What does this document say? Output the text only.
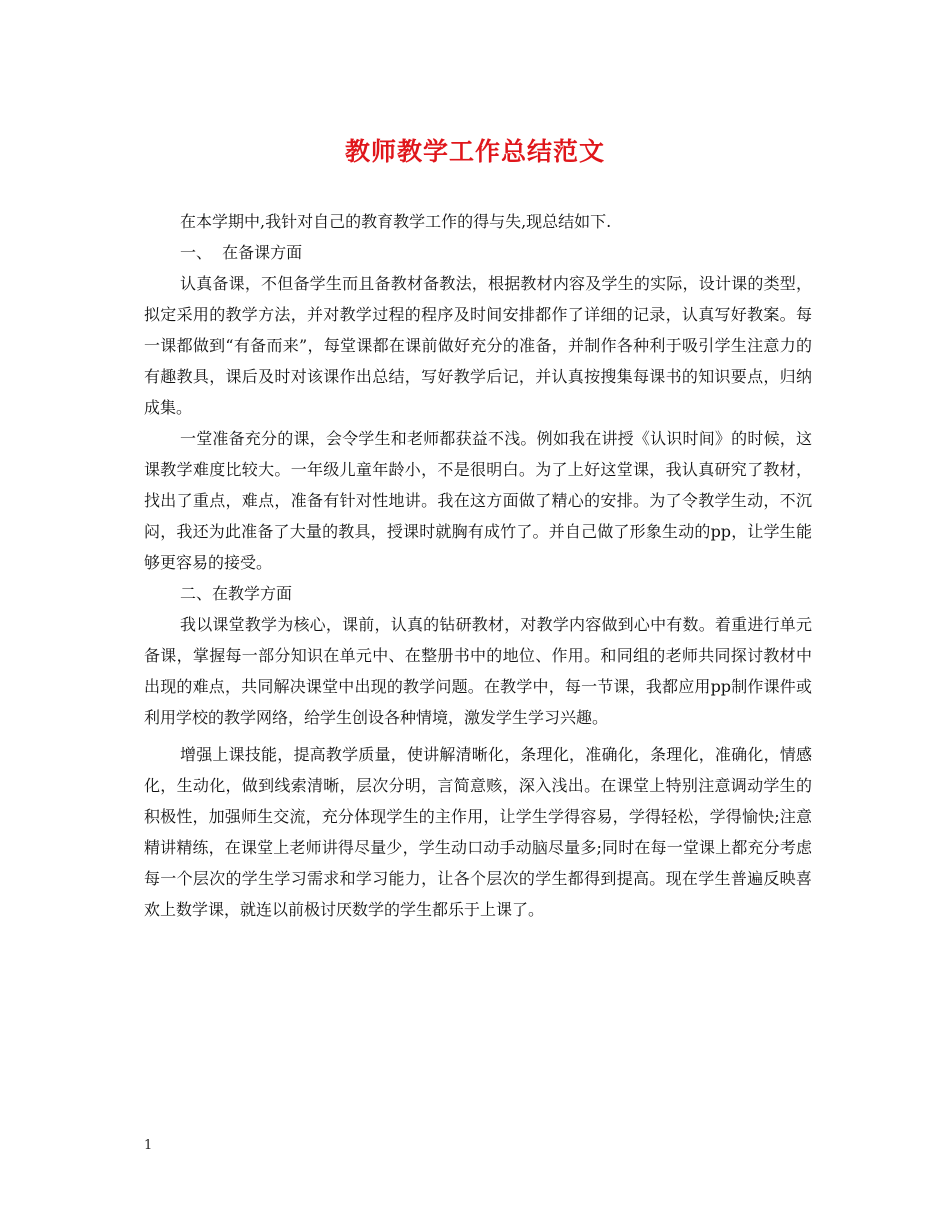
教师教学工作总结范文

在本学期中,我针对自己的教育教学工作的得与失,现总结如下.

一、  在备课方面

认真备课，不但备学生而且备教材备教法，根据教材内容及学生的实际，设计课的类型，拟定采用的教学方法，并对教学过程的程序及时间安排都作了详细的记录，认真写好教案。每一课都做到“有备而来”，每堂课都在课前做好充分的准备，并制作各种利于吸引学生注意力的有趣教具，课后及时对该课作出总结，写好教学后记，并认真按搜集每课书的知识要点，归纳成集。

一堂准备充分的课，会令学生和老师都获益不浅。例如我在讲授《认识时间》的时候，这课教学难度比较大。一年级儿童年龄小，不是很明白。为了上好这堂课，我认真研究了教材，找出了重点，难点，准备有针对性地讲。我在这方面做了精心的安排。为了令教学生动，不沉闷，我还为此准备了大量的教具，授课时就胸有成竹了。并自己做了形象生动的pp，让学生能够更容易的接受。

二、在教学方面

我以课堂教学为核心，课前，认真的钻研教材，对教学内容做到心中有数。着重进行单元备课，掌握每一部分知识在单元中、在整册书中的地位、作用。和同组的老师共同探讨教材中出现的难点，共同解决课堂中出现的教学问题。在教学中，每一节课，我都应用pp制作课件或利用学校的教学网络，给学生创设各种情境，激发学生学习兴趣。

增强上课技能，提高教学质量，使讲解清晰化，条理化，准确化，条理化，准确化，情感化，生动化，做到线索清晰，层次分明，言简意赅，深入浅出。在课堂上特别注意调动学生的积极性，加强师生交流，充分体现学生的主作用，让学生学得容易，学得轻松，学得愉快;注意精讲精练，在课堂上老师讲得尽量少，学生动口动手动脑尽量多;同时在每一堂课上都充分考虑每一个层次的学生学习需求和学习能力，让各个层次的学生都得到提高。现在学生普遍反映喜欢上数学课，就连以前极讨厌数学的学生都乐于上课了。

1
